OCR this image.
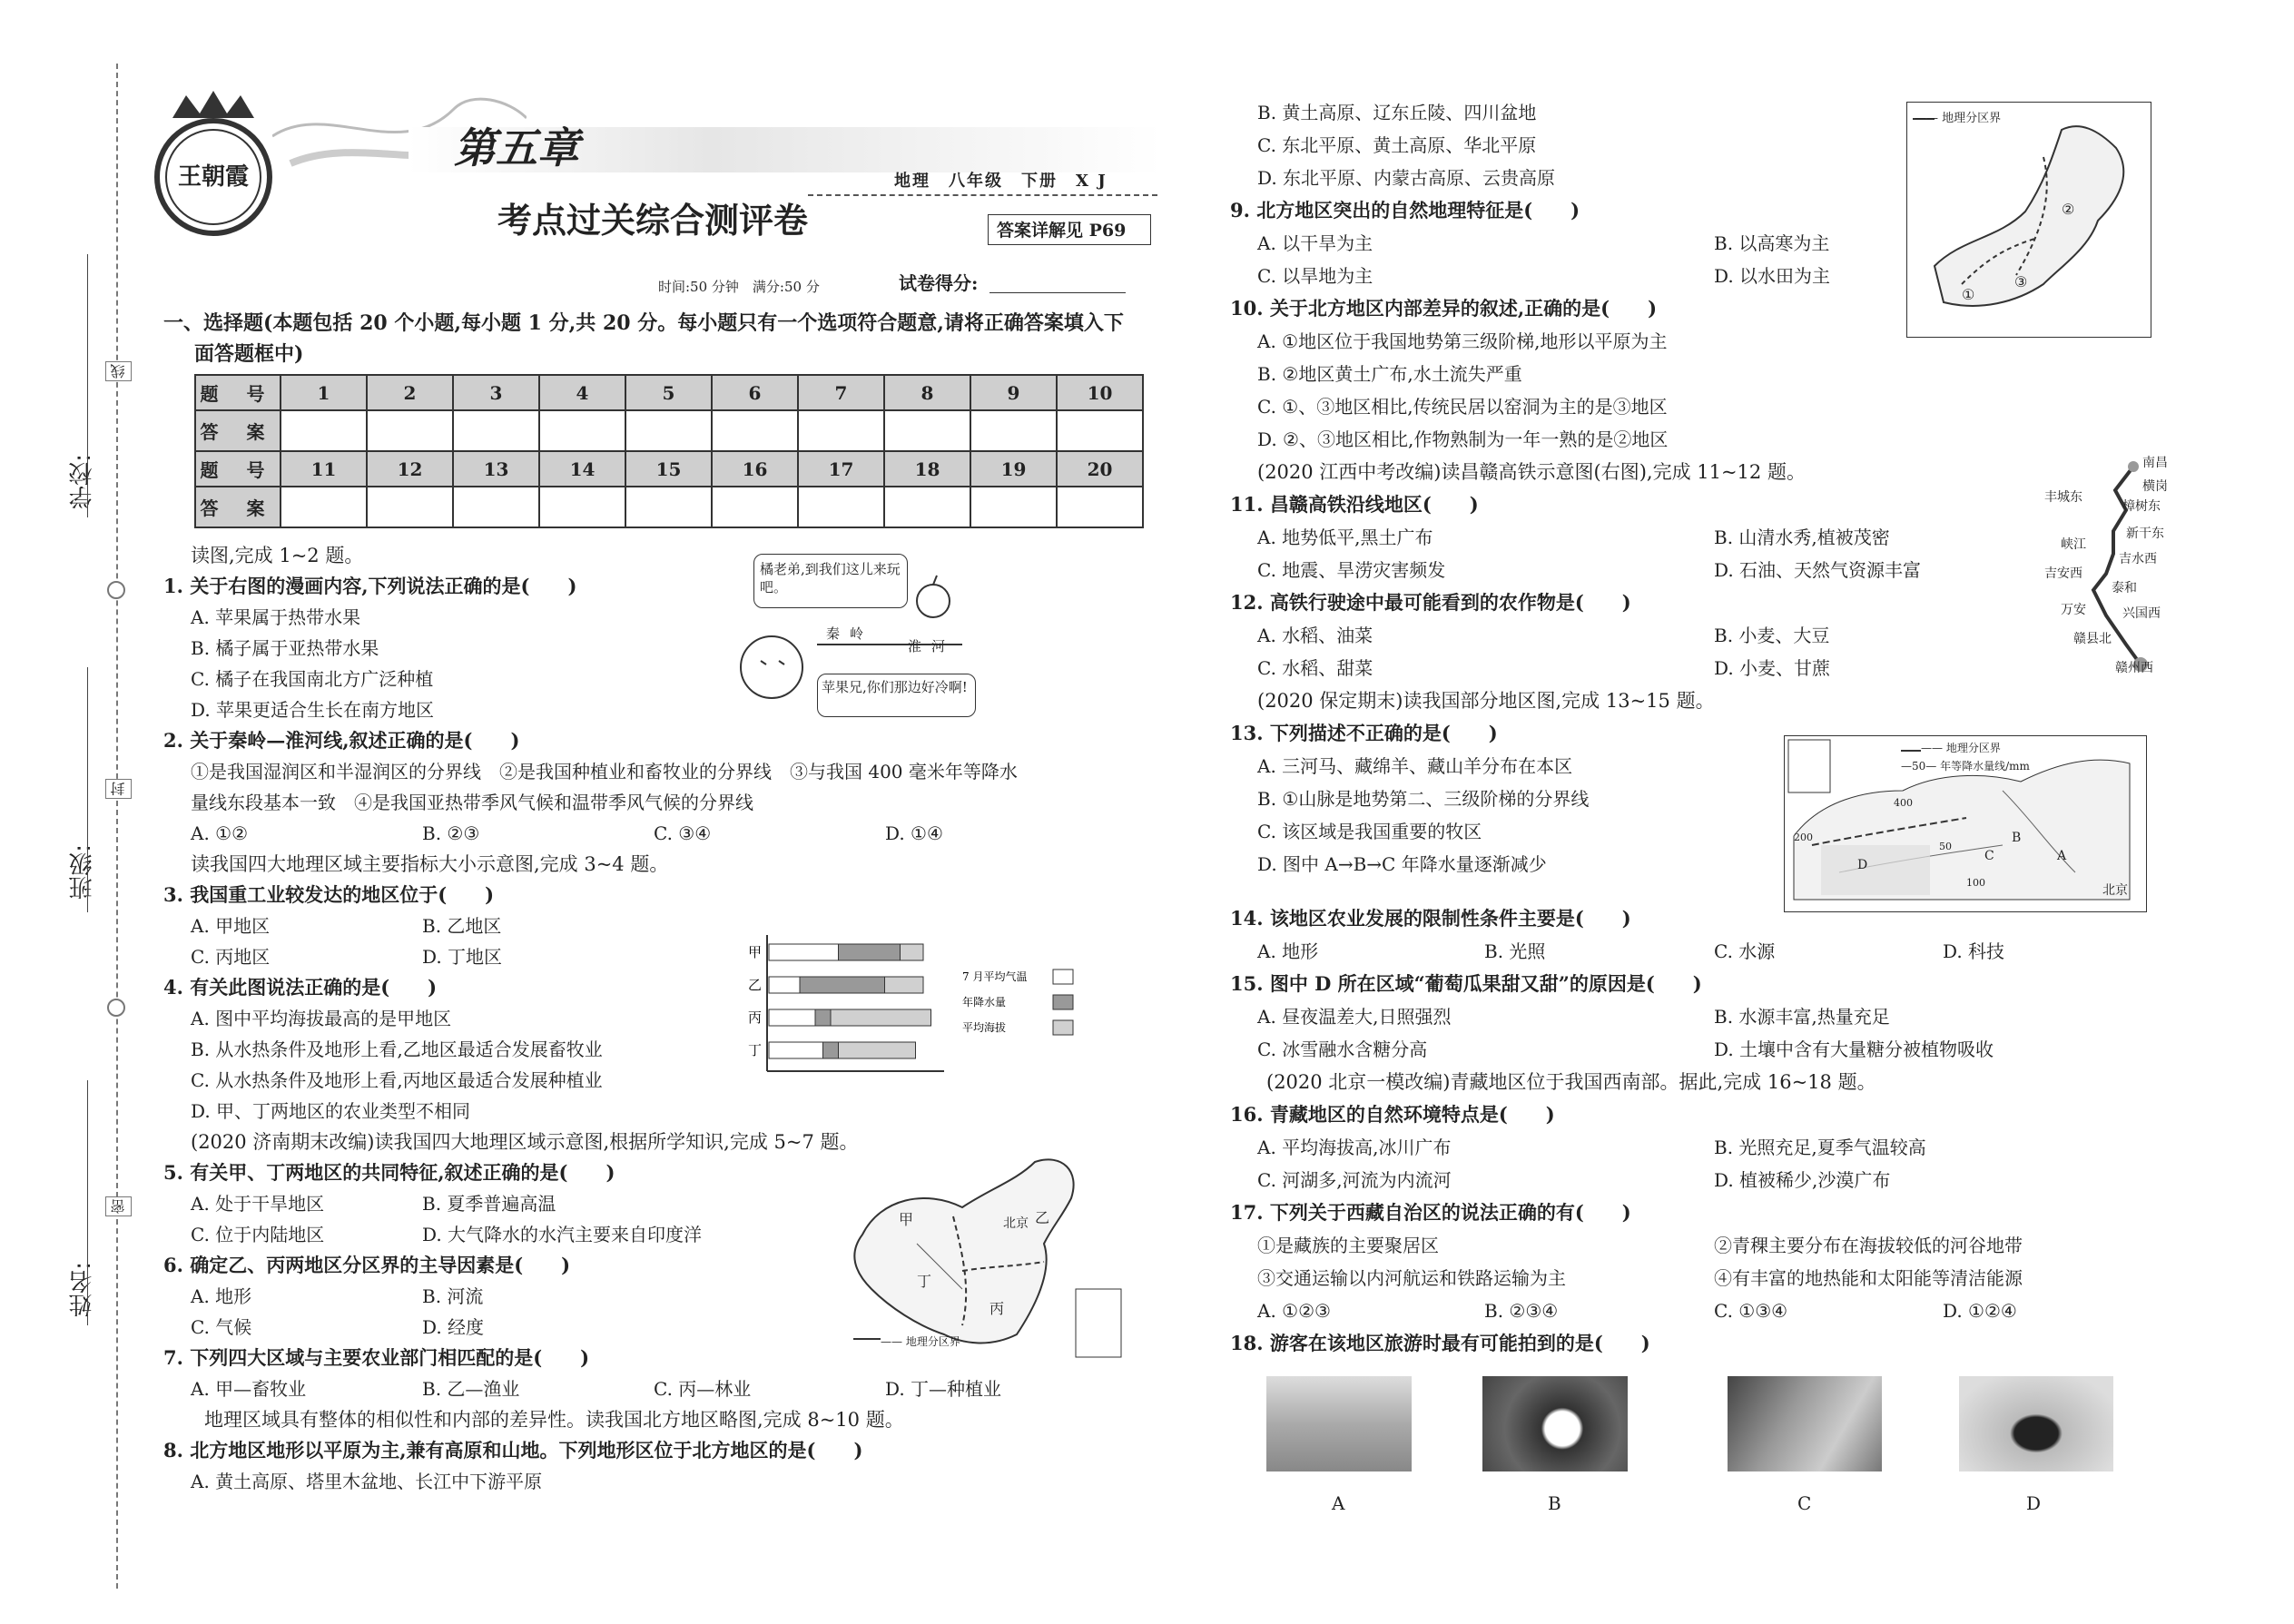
学校:
班级:
姓名:
线
封
密
王朝霞
第五章
考点过关综合测评卷
地理　八年级　下册　X J
答案详解见 P69
时间:50 分钟　满分:50 分	试卷得分:
一、选择题(本题包括 20 个小题,每小题 1 分,共 20 分。每小题只有一个选项符合题意,请将正确答案填入下
面答题框中)
题 号	1	2	3	4	5	6	7	8	9	10
答 案										
题 号	11	12	13	14	15	16	17	18	19	20
答 案										
读图,完成 1~2 题。
1. 关于右图的漫画内容,下列说法正确的是(　　)
A. 苹果属于热带水果
B. 橘子属于亚热带水果
C. 橘子在我国南北方广泛种植
D. 苹果更适合生长在南方地区
橘老弟,到我们这儿来玩吧。
苹果兄,你们那边好冷啊!
秦 岭
淮 河
2. 关于秦岭—淮河线,叙述正确的是(　　)
①是我国湿润区和半湿润区的分界线　②是我国种植业和畜牧业的分界线　③与我国 400 毫米年等降水
量线东段基本一致　④是我国亚热带季风气候和温带季风气候的分界线
A. ①②	B. ②③	C. ③④	D. ①④
读我国四大地理区域主要指标大小示意图,完成 3~4 题。
3. 我国重工业较发达的地区位于(　　)
A. 甲地区	B. 乙地区
C. 丙地区	D. 丁地区	甲
乙
丙
丁
7 月平均气温
年降水量
平均海拔
4. 有关此图说法正确的是(　　)
A. 图中平均海拔最高的是甲地区
B. 从水热条件及地形上看,乙地区最适合发展畜牧业
C. 从水热条件及地形上看,丙地区最适合发展种植业
D. 甲、丁两地区的农业类型不相同
(2020 济南期末改编)读我国四大地理区域示意图,根据所学知识,完成 5~7 题。
5. 有关甲、丁两地区的共同特征,叙述正确的是(　　)
A. 处于干旱地区	B. 夏季普遍高温
C. 位于内陆地区	D. 大气降水的水汽主要来自印度洋
甲	乙
丙
丁
北京
—— 地理分区界
6. 确定乙、丙两地区分区界的主导因素是(　　)
A. 地形	B. 河流
C. 气候	D. 经度
7. 下列四大区域与主要农业部门相匹配的是(　　)
A. 甲—畜牧业	B. 乙—渔业	C. 丙—林业	D. 丁—种植业
地理区域具有整体的相似性和内部的差异性。读我国北方地区略图,完成 8~10 题。
8. 北方地区地形以平原为主,兼有高原和山地。下列地形区位于北方地区的是(　　)
A. 黄土高原、塔里木盆地、长江中下游平原
B. 黄土高原、辽东丘陵、四川盆地
C. 东北平原、黄土高原、华北平原
D. 东北平原、内蒙古高原、云贵高原
—— 地理分区界
①
②
③
9. 北方地区突出的自然地理特征是(　　)
A. 以干旱为主	B. 以高寒为主
C. 以旱地为主	D. 以水田为主
10. 关于北方地区内部差异的叙述,正确的是(　　)
A. ①地区位于我国地势第三级阶梯,地形以平原为主
B. ②地区黄土广布,水土流失严重
C. ①、③地区相比,传统民居以窑洞为主的是③地区
D. ②、③地区相比,作物熟制为一年一熟的是②地区
(2020 江西中考改编)读昌赣高铁示意图(右图),完成 11~12 题。	南昌
丰城东
樟树东
横岗
新干东
峡江
吉水西
吉安西
泰和
万安	兴国西
赣县北
赣州西
11. 昌赣高铁沿线地区(　　)
A. 地势低平,黑土广布	B. 山清水秀,植被茂密
C. 地震、旱涝灾害频发	D. 石油、天然气资源丰富
12. 高铁行驶途中最可能看到的农作物是(　　)
A. 水稻、油菜	B. 小麦、大豆
C. 水稻、甜菜	D. 小麦、甘蔗
(2020 保定期末)读我国部分地区图,完成 13~15 题。
—— 地理分区界
—50— 年等降水量线/mm
A
B
C
D
北京
400
200
100
50
13. 下列描述不正确的是(　　)
A. 三河马、藏绵羊、藏山羊分布在本区
B. ①山脉是地势第二、三级阶梯的分界线
C. 该区域是我国重要的牧区
D. 图中 A→B→C 年降水量逐渐减少
14. 该地区农业发展的限制性条件主要是(　　)
A. 地形	B. 光照	C. 水源	D. 科技
15. 图中 D 所在区域“葡萄瓜果甜又甜”的原因是(　　)
A. 昼夜温差大,日照强烈	B. 水源丰富,热量充足
C. 冰雪融水含糖分高	D. 土壤中含有大量糖分被植物吸收
(2020 北京一模改编)青藏地区位于我国西南部。据此,完成 16~18 题。
16. 青藏地区的自然环境特点是(　　)
A. 平均海拔高,冰川广布	B. 光照充足,夏季气温较高
C. 河湖多,河流为内流河	D. 植被稀少,沙漠广布
17. 下列关于西藏自治区的说法正确的有(　　)
①是藏族的主要聚居区	②青稞主要分布在海拔较低的河谷地带
③交通运输以内河航运和铁路运输为主	④有丰富的地热能和太阳能等清洁能源
A. ①②③	B. ②③④	C. ①③④	D. ①②④
18. 游客在该地区旅游时最有可能拍到的是(　　)
A	B	C	D
